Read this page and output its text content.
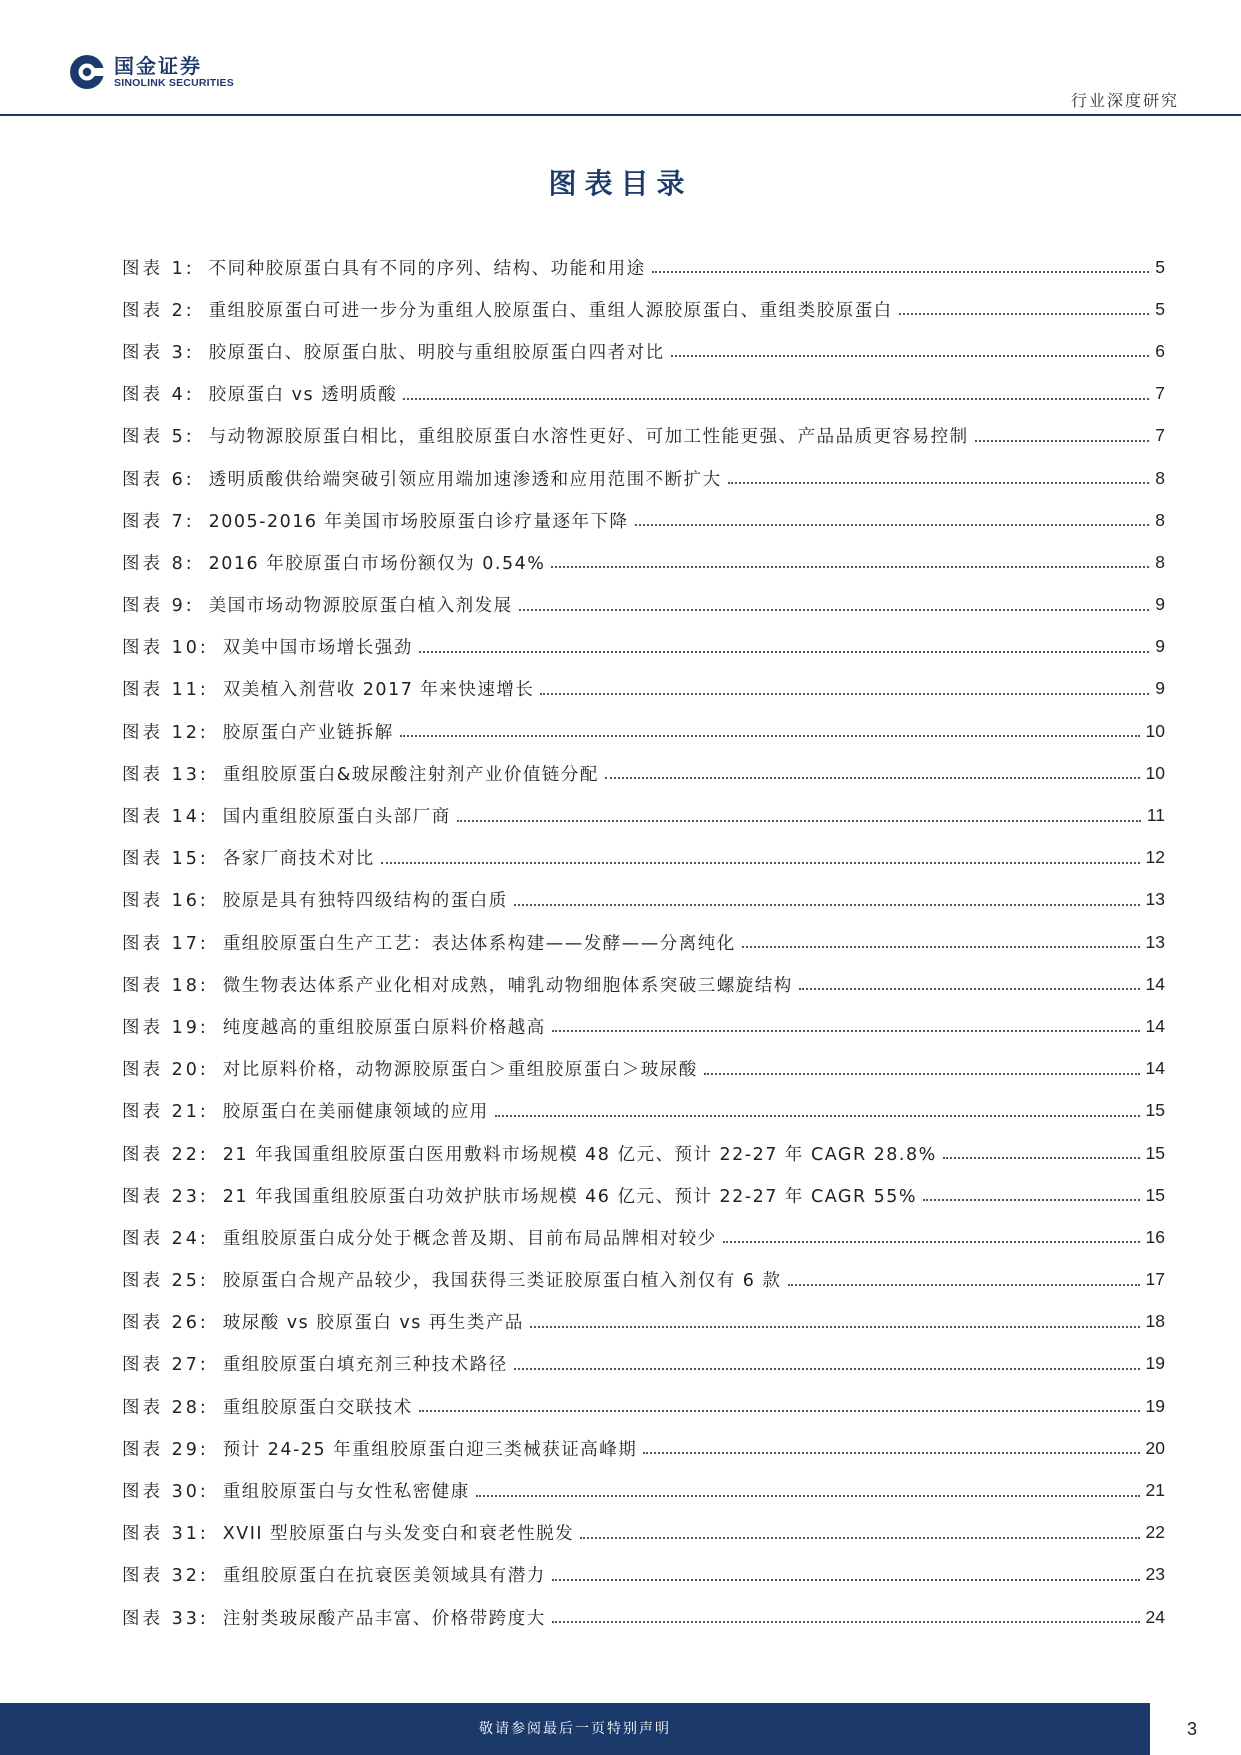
国金证券
SINOLINK SECURITIES
行业深度研究
图表目录
图表 1: 不同种胶原蛋白具有不同的序列、结构、功能和用途	5
图表 2: 重组胶原蛋白可进一步分为重组人胶原蛋白、重组人源胶原蛋白、重组类胶原蛋白	5
图表 3: 胶原蛋白、胶原蛋白肽、明胶与重组胶原蛋白四者对比	6
图表 4: 胶原蛋白 vs 透明质酸	7
图表 5: 与动物源胶原蛋白相比，重组胶原蛋白水溶性更好、可加工性能更强、产品品质更容易控制	7
图表 6: 透明质酸供给端突破引领应用端加速渗透和应用范围不断扩大	8
图表 7: 2005-2016 年美国市场胶原蛋白诊疗量逐年下降	8
图表 8: 2016 年胶原蛋白市场份额仅为 0.54%	8
图表 9: 美国市场动物源胶原蛋白植入剂发展	9
图表 10: 双美中国市场增长强劲	9
图表 11: 双美植入剂营收 2017 年来快速增长	9
图表 12: 胶原蛋白产业链拆解	10
图表 13: 重组胶原蛋白&玻尿酸注射剂产业价值链分配	10
图表 14: 国内重组胶原蛋白头部厂商	11
图表 15: 各家厂商技术对比	12
图表 16: 胶原是具有独特四级结构的蛋白质	13
图表 17: 重组胶原蛋白生产工艺：表达体系构建——发酵——分离纯化	13
图表 18: 微生物表达体系产业化相对成熟，哺乳动物细胞体系突破三螺旋结构	14
图表 19: 纯度越高的重组胶原蛋白原料价格越高	14
图表 20: 对比原料价格，动物源胶原蛋白＞重组胶原蛋白＞玻尿酸	14
图表 21: 胶原蛋白在美丽健康领域的应用	15
图表 22: 21 年我国重组胶原蛋白医用敷料市场规模 48 亿元、预计 22-27 年 CAGR 28.8%	15
图表 23: 21 年我国重组胶原蛋白功效护肤市场规模 46 亿元、预计 22-27 年 CAGR 55%	15
图表 24: 重组胶原蛋白成分处于概念普及期、目前布局品牌相对较少	16
图表 25: 胶原蛋白合规产品较少，我国获得三类证胶原蛋白植入剂仅有 6 款	17
图表 26: 玻尿酸 vs 胶原蛋白 vs 再生类产品	18
图表 27: 重组胶原蛋白填充剂三种技术路径	19
图表 28: 重组胶原蛋白交联技术	19
图表 29: 预计 24-25 年重组胶原蛋白迎三类械获证高峰期	20
图表 30: 重组胶原蛋白与女性私密健康	21
图表 31: XVII 型胶原蛋白与头发变白和衰老性脱发	22
图表 32: 重组胶原蛋白在抗衰医美领域具有潜力	23
图表 33: 注射类玻尿酸产品丰富、价格带跨度大	24
敬请参阅最后一页特别声明	3
